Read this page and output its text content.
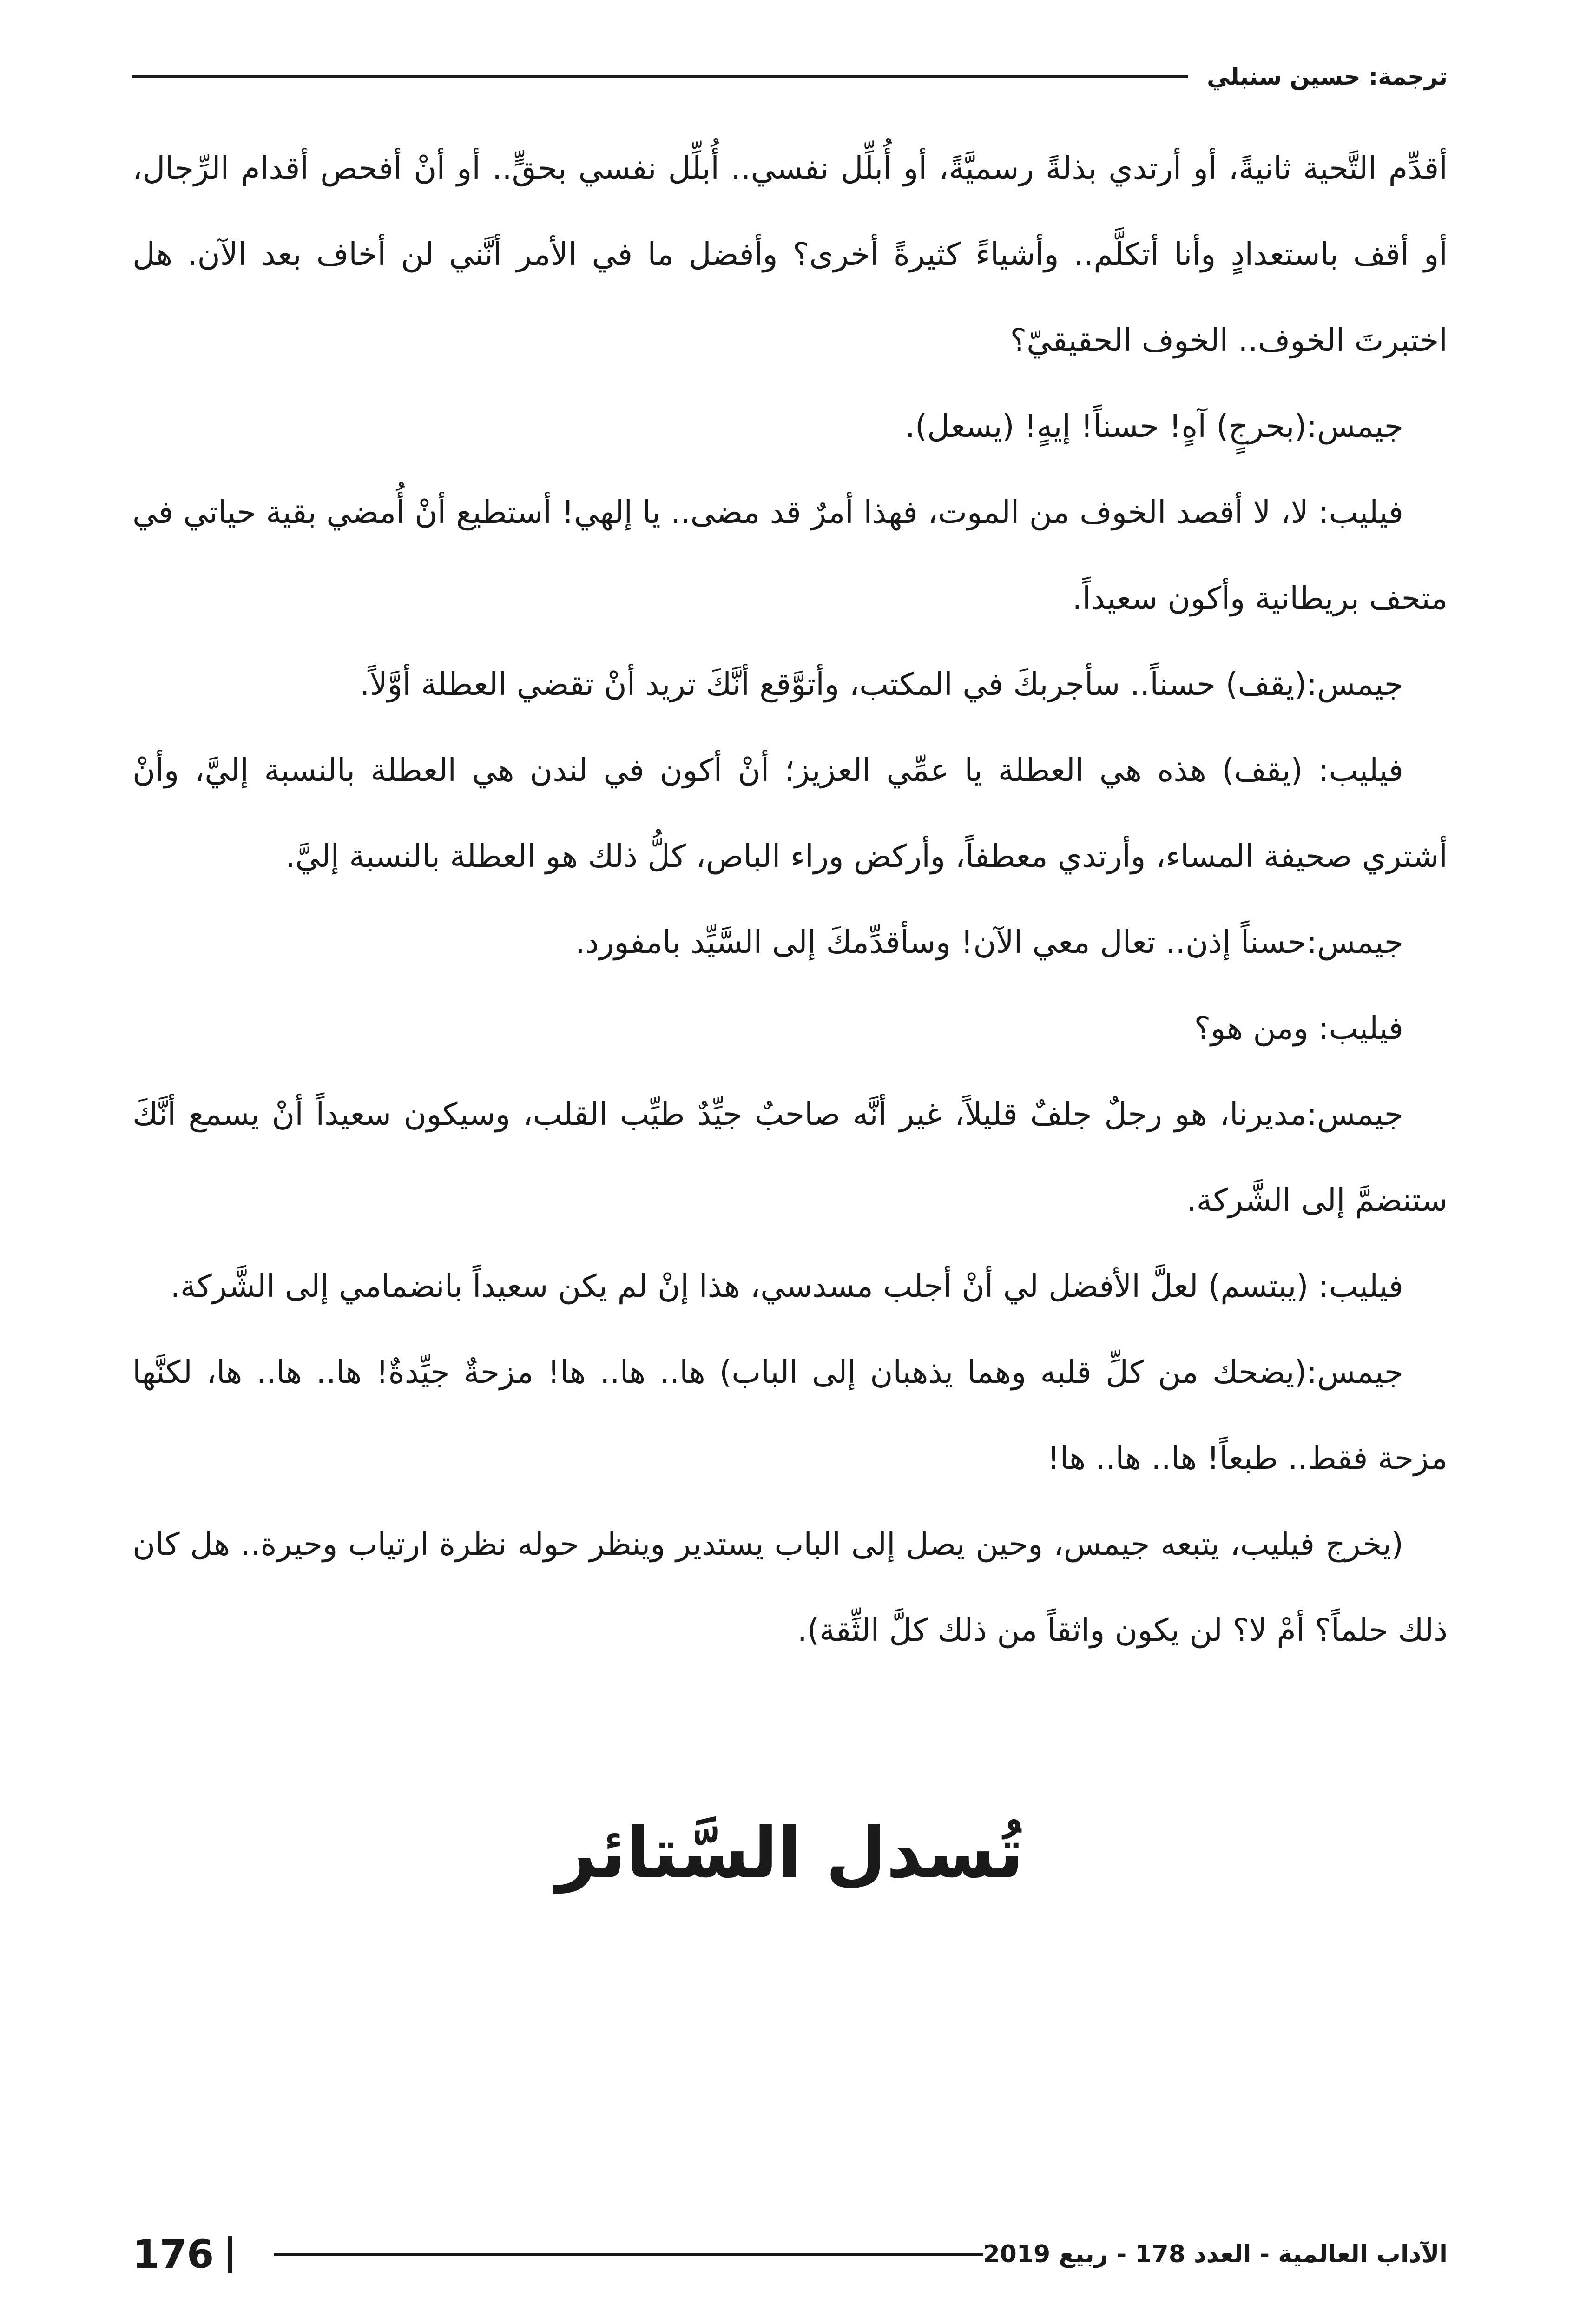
ترجمة: حسين سنبلي

أقدِّم التَّحية ثانيةً، أو أرتدي بذلةً رسميَّةً، أو أُبلِّل نفسي.. أُبلِّل نفسي بحقٍّ.. أو أنْ أفحص أقدام الرِّجال، أو أقف باستعدادٍ وأنا أتكلَّم.. وأشياءً كثيرةً أخرى؟ وأفضل ما في الأمر أنَّني لن أخاف بعد الآن. هل اختبرتَ الخوف.. الخوف الحقيقيّ؟

جيمس:(بحرجٍ) آهٍ! حسناً! إيهٍ! (يسعل).

فيليب: لا، لا أقصد الخوف من الموت، فهذا أمرٌ قد مضى.. يا إلهي! أستطيع أنْ أُمضي بقية حياتي في متحف بريطانية وأكون سعيداً.

جيمس:(يقف) حسناً.. سأجربكَ في المكتب، وأتوَّقع أنَّكَ تريد أنْ تقضي العطلة أوَّلاً.

فيليب: (يقف) هذه هي العطلة يا عمِّي العزيز؛ أنْ أكون في لندن هي العطلة بالنسبة إليَّ، وأنْ أشتري صحيفة المساء، وأرتدي معطفاً، وأركض وراء الباص، كلُّ ذلك هو العطلة بالنسبة إليَّ.

جيمس:حسناً إذن.. تعال معي الآن! وسأقدِّمكَ إلى السَّيِّد بامفورد.

فيليب: ومن هو؟

جيمس:مديرنا، هو رجلٌ جلفٌ قليلاً، غير أنَّه صاحبٌ جيِّدٌ طيِّب القلب، وسيكون سعيداً أنْ يسمع أنَّكَ ستنضمَّ إلى الشَّركة.

فيليب: (يبتسم) لعلَّ الأفضل لي أنْ أجلب مسدسي، هذا إنْ لم يكن سعيداً بانضمامي إلى الشَّركة.

جيمس:(يضحك من كلِّ قلبه وهما يذهبان إلى الباب) ها.. ها.. ها! مزحةٌ جيِّدةٌ! ها.. ها.. ها، لكنَّها مزحة فقط.. طبعاً! ها.. ها.. ها!

(يخرج فيليب، يتبعه جيمس، وحين يصل إلى الباب يستدير وينظر حوله نظرة ارتياب وحيرة.. هل كان ذلك حلماً؟ أمْ لا؟ لن يكون واثقاً من ذلك كلَّ الثِّقة).

تُسدل السَّتائر
الآداب العالمية - العدد 178 - ربيع 2019
176
